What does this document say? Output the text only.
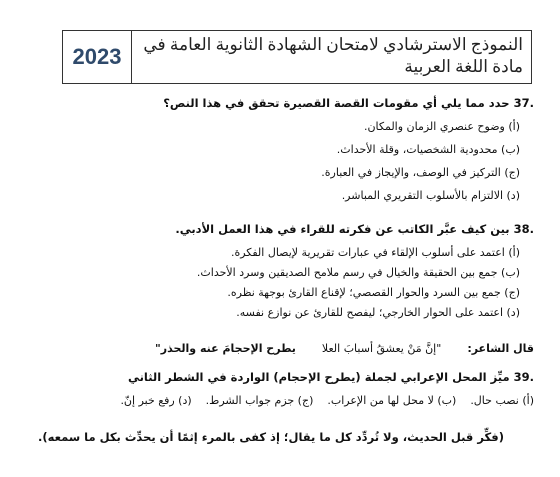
2023	النموذج الاسترشادي لامتحان الشهادة الثانوية العامة في مادة اللغة العربية
.37 حدد مما يلي أي مقومات القصة القصيرة تحقق في هذا النص؟
(أ) وضوح عنصري الزمان والمكان.
(ب) محدودية الشخصيات، وقلة الأحداث.
(ج) التركيز في الوصف، والإيجاز في العبارة.
(د) الالتزام بالأسلوب التقريري المباشر.
.38 بين كيف عبَّر الكاتب عن فكرته للقراء في هذا العمل الأدبي.
(أ) اعتمد على أسلوب الإلقاء في عبارات تقريرية لإيصال الفكرة.
(ب) جمع بين الحقيقة والخيال في رسم ملامح الصديقين وسرد الأحداث.
(ج) جمع بين السرد والحوار القصصي؛ لإقناع القارئ بوجهة نظره.
(د) اعتمد على الحوار الخارجي؛ ليفصح للقارئ عن نوازع نفسه.
قال الشاعر:
"إنَّ مَنْ يعشقُ أسبابَ العلا
يطرح الإحجامَ عنه والحذر"
.39 ميِّز المحل الإعرابي لجملة (يطرح الإحجام) الواردة في الشطر الثاني
(أ) نصب حال.
(ب) لا محل لها من الإعراب.
(ج) جزم جواب الشرط.
(د) رفع خبر إنّ.
(فكِّر قبل الحديث، ولا تُردِّد كل ما يقال؛ إذ كفى بالمرء إثمًا أن يحدِّث بكل ما سمعه).
